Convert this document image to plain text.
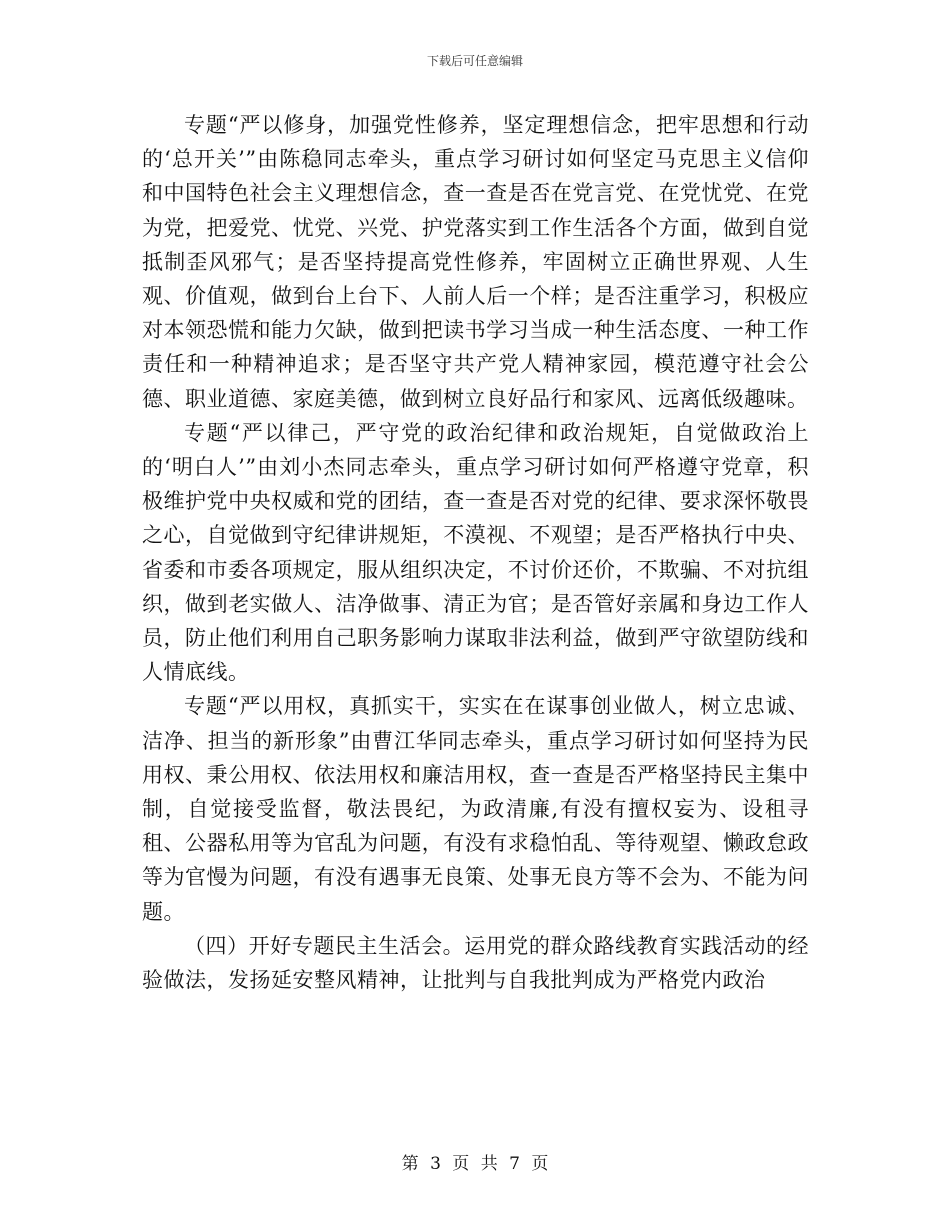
下载后可任意编辑

专题“严以修身，加强党性修养，坚定理想信念，把牢思想和行动的‘总开关’”由陈稳同志牵头，重点学习研讨如何坚定马克思主义信仰和中国特色社会主义理想信念，查一查是否在党言党、在党忧党、在党为党，把爱党、忧党、兴党、护党落实到工作生活各个方面，做到自觉抵制歪风邪气；是否坚持提高党性修养，牢固树立正确世界观、人生观、价值观，做到台上台下、人前人后一个样；是否注重学习，积极应对本领恐慌和能力欠缺，做到把读书学习当成一种生活态度、一种工作责任和一种精神追求；是否坚守共产党人精神家园，模范遵守社会公德、职业道德、家庭美德，做到树立良好品行和家风、远离低级趣味。

专题“严以律己，严守党的政治纪律和政治规矩，自觉做政治上的‘明白人’”由刘小杰同志牵头，重点学习研讨如何严格遵守党章，积极维护党中央权威和党的团结，查一查是否对党的纪律、要求深怀敬畏之心，自觉做到守纪律讲规矩，不漠视、不观望；是否严格执行中央、省委和市委各项规定，服从组织决定，不讨价还价，不欺骗、不对抗组织，做到老实做人、洁净做事、清正为官；是否管好亲属和身边工作人员，防止他们利用自己职务影响力谋取非法利益，做到严守欲望防线和人情底线。

专题“严以用权，真抓实干，实实在在谋事创业做人，树立忠诚、洁净、担当的新形象”由曹江华同志牵头，重点学习研讨如何坚持为民用权、秉公用权、依法用权和廉洁用权，查一查是否严格坚持民主集中制，自觉接受监督，敬法畏纪，为政清廉,有没有擅权妄为、设租寻租、公器私用等为官乱为问题，有没有求稳怕乱、等待观望、懒政怠政等为官慢为问题，有没有遇事无良策、处事无良方等不会为、不能为问题。

（四）开好专题民主生活会。运用党的群众路线教育实践活动的经验做法，发扬延安整风精神，让批判与自我批判成为严格党内政治

第 3 页 共 7 页
